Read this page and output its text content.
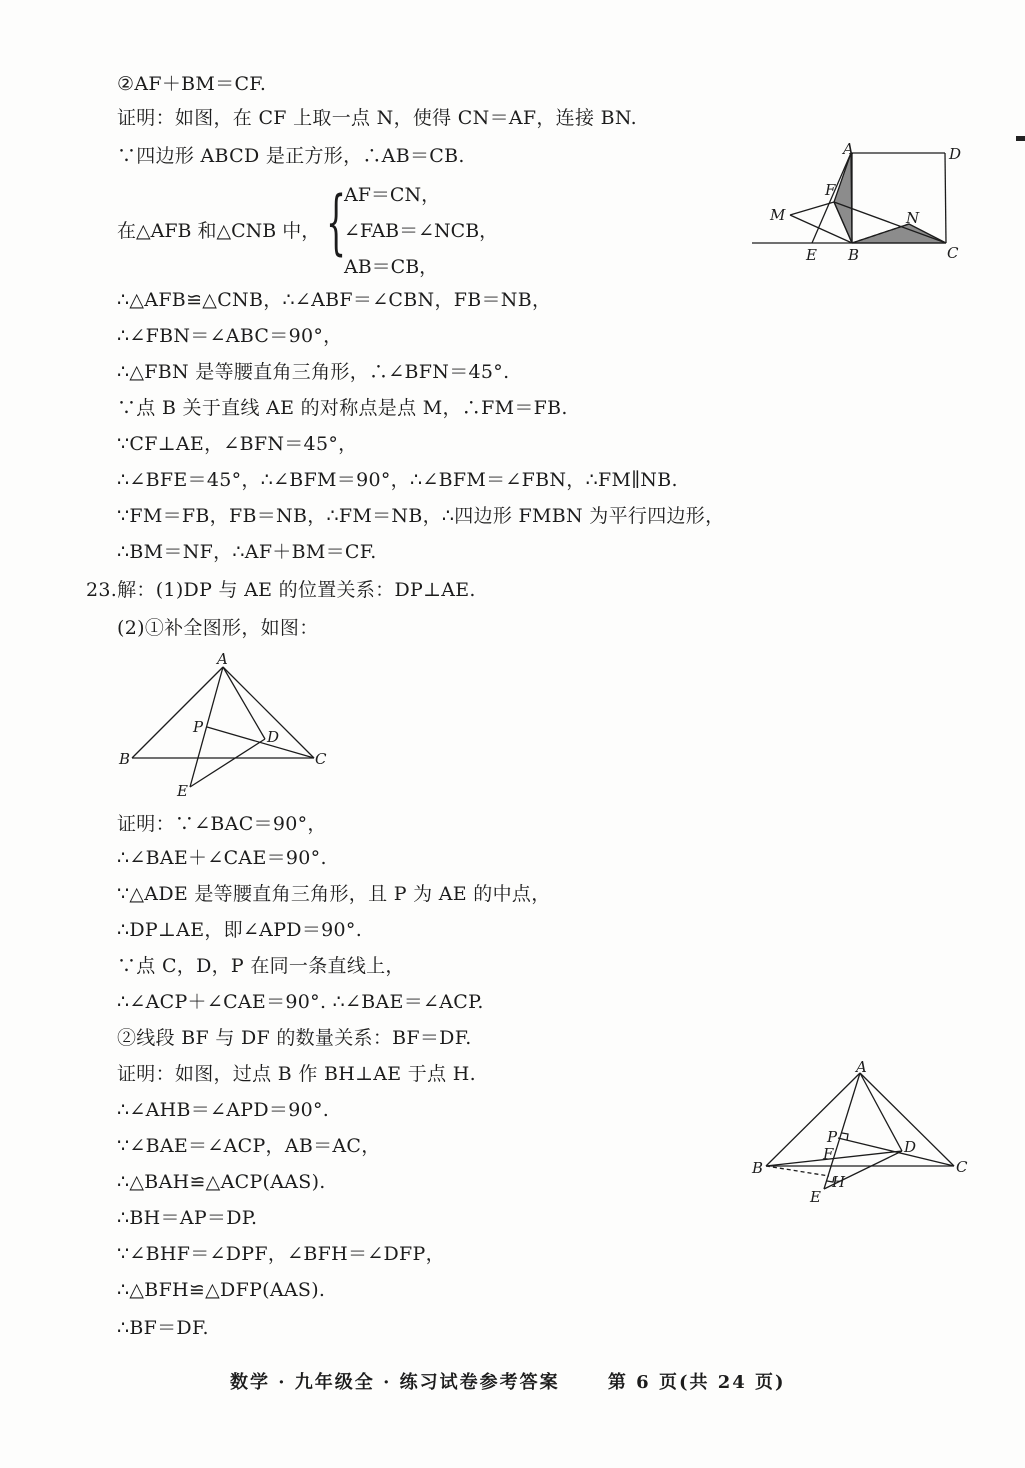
②AF＋BM＝CF.
证明：如图，在 CF 上取一点 N，使得 CN＝AF，连接 BN.
∵四边形 ABCD 是正方形，∴AB＝CB.
在△AFB 和△CNB 中， {
AF＝CN，
∠FAB＝∠NCB，
AB＝CB，
∴△AFB≌△CNB，∴∠ABF＝∠CBN，FB＝NB，
∴∠FBN＝∠ABC＝90°，
∴△FBN 是等腰直角三角形，∴∠BFN＝45°.
∵点 B 关于直线 AE 的对称点是点 M，∴FM＝FB.
∵CF⊥AE，∠BFN＝45°，
∴∠BFE＝45°，∴∠BFM＝90°，∴∠BFM＝∠FBN，∴FM∥NB.
∵FM＝FB，FB＝NB，∴FM＝NB，∴四边形 FMBN 为平行四边形，
∴BM＝NF，∴AF＋BM＝CF.
23.解：(1)DP 与 AE 的位置关系：DP⊥AE.
(2)①补全图形，如图：
证明：∵∠BAC＝90°，
∴∠BAE＋∠CAE＝90°.
∵△ADE 是等腰直角三角形，且 P 为 AE 的中点，
∴DP⊥AE，即∠APD＝90°.
∵点 C，D，P 在同一条直线上，
∴∠ACP＋∠CAE＝90°. ∴∠BAE＝∠ACP.
②线段 BF 与 DF 的数量关系：BF＝DF.
证明：如图，过点 B 作 BH⊥AE 于点 H.
∴∠AHB＝∠APD＝90°.
∵∠BAE＝∠ACP，AB＝AC，
∴△BAH≌△ACP(AAS).
∴BH＝AP＝DP.
∵∠BHF＝∠DPF，∠BFH＝∠DFP，
∴△BFH≌△DFP(AAS).
∴BF＝DF.
A	D
F
M	N
E B	C
A
P
D
B	C
E
A
P
D
F
B	C
H
E
数学 · 九年级全 · 练习试卷参考答案	第 6 页(共 24 页)
